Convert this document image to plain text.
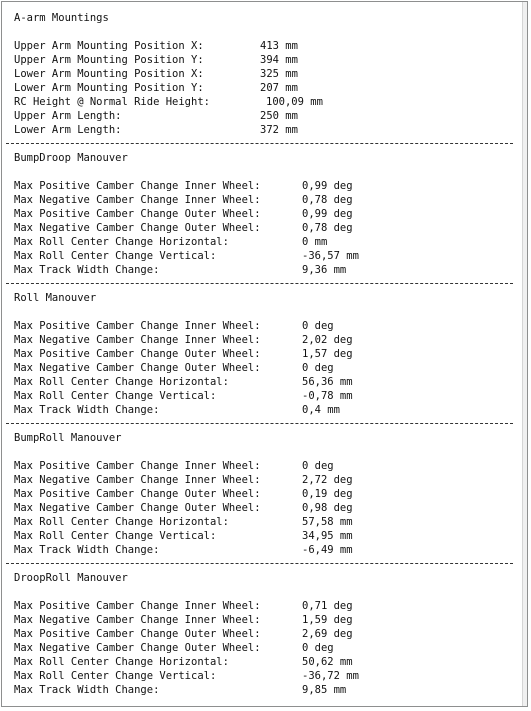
A-arm Mountings
Upper Arm Mounting Position X:	413 mm
Upper Arm Mounting Position Y:	394 mm
Lower Arm Mounting Position X:	325 mm
Lower Arm Mounting Position Y:	207 mm
RC Height @ Normal Ride Height:	100,09 mm
Upper Arm Length:	250 mm
Lower Arm Length:	372 mm
BumpDroop Manouver
Max Positive Camber Change Inner Wheel:	0,99 deg
Max Negative Camber Change Inner Wheel:	0,78 deg
Max Positive Camber Change Outer Wheel:	0,99 deg
Max Negative Camber Change Outer Wheel:	0,78 deg
Max Roll Center Change Horizontal:	0 mm
Max Roll Center Change Vertical:	-36,57 mm
Max Track Width Change:	9,36 mm
Roll Manouver
Max Positive Camber Change Inner Wheel:	0 deg
Max Negative Camber Change Inner Wheel:	2,02 deg
Max Positive Camber Change Outer Wheel:	1,57 deg
Max Negative Camber Change Outer Wheel:	0 deg
Max Roll Center Change Horizontal:	56,36 mm
Max Roll Center Change Vertical:	-0,78 mm
Max Track Width Change:	0,4 mm
BumpRoll Manouver
Max Positive Camber Change Inner Wheel:	0 deg
Max Negative Camber Change Inner Wheel:	2,72 deg
Max Positive Camber Change Outer Wheel:	0,19 deg
Max Negative Camber Change Outer Wheel:	0,98 deg
Max Roll Center Change Horizontal:	57,58 mm
Max Roll Center Change Vertical:	34,95 mm
Max Track Width Change:	-6,49 mm
DroopRoll Manouver
Max Positive Camber Change Inner Wheel:	0,71 deg
Max Negative Camber Change Inner Wheel:	1,59 deg
Max Positive Camber Change Outer Wheel:	2,69 deg
Max Negative Camber Change Outer Wheel:	0 deg
Max Roll Center Change Horizontal:	50,62 mm
Max Roll Center Change Vertical:	-36,72 mm
Max Track Width Change:	9,85 mm
